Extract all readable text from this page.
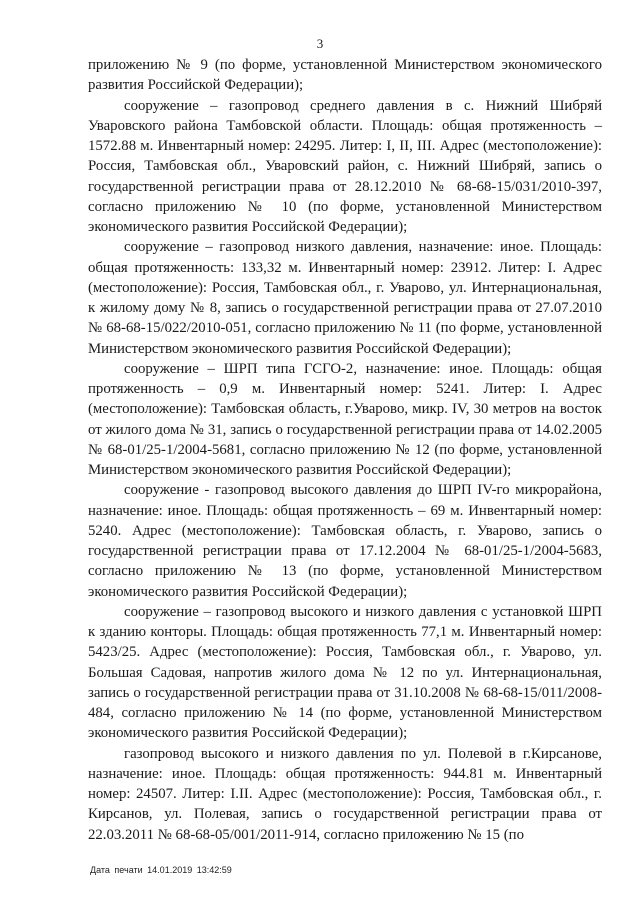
3

приложению № 9 (по форме, установленной Министерством экономического развития Российской Федерации);

сооружение – газопровод среднего давления в с. Нижний Шибряй Уваровского района Тамбовской области. Площадь: общая протяженность – 1572.88 м. Инвентарный номер: 24295. Литер: I, II, III. Адрес (местоположение): Россия, Тамбовская обл., Уваровский район, с. Нижний Шибряй, запись о государственной регистрации права от 28.12.2010 № 68-68-15/031/2010-397, согласно приложению № 10 (по форме, установленной Министерством экономического развития Российской Федерации);

сооружение – газопровод низкого давления, назначение: иное. Площадь: общая протяженность: 133,32 м. Инвентарный номер: 23912. Литер: I. Адрес (местоположение): Россия, Тамбовская обл., г. Уварово, ул. Интернациональная, к жилому дому № 8, запись о государственной регистрации права от 27.07.2010 № 68-68-15/022/2010-051, согласно приложению № 11 (по форме, установленной Министерством экономического развития Российской Федерации);

сооружение – ШРП типа ГСГО-2, назначение: иное. Площадь: общая протяженность – 0,9 м. Инвентарный номер: 5241. Литер: I. Адрес (местоположение): Тамбовская область, г.Уварово, микр. IV, 30 метров на восток от жилого дома № 31, запись о государственной регистрации права от 14.02.2005 № 68-01/25-1/2004-5681, согласно приложению № 12 (по форме, установленной Министерством экономического развития Российской Федерации);

сооружение - газопровод высокого давления до ШРП IV-го микрорайона, назначение: иное. Площадь: общая протяженность – 69 м. Инвентарный номер: 5240. Адрес (местоположение): Тамбовская область, г. Уварово, запись о государственной регистрации права от 17.12.2004 № 68-01/25-1/2004-5683, согласно приложению № 13 (по форме, установленной Министерством экономического развития Российской Федерации);

сооружение – газопровод высокого и низкого давления с установкой ШРП к зданию конторы. Площадь: общая протяженность 77,1 м. Инвентарный номер: 5423/25. Адрес (местоположение): Россия, Тамбовская обл., г. Уварово, ул. Большая Садовая, напротив жилого дома № 12 по ул. Интернациональная, запись о государственной регистрации права от 31.10.2008 № 68-68-15/011/2008-484, согласно приложению № 14 (по форме, установленной Министерством экономического развития Российской Федерации);

газопровод высокого и низкого давления по ул. Полевой в г.Кирсанове, назначение: иное. Площадь: общая протяженность: 944.81 м. Инвентарный номер: 24507. Литер: I.II. Адрес (местоположение): Россия, Тамбовская обл., г. Кирсанов, ул. Полевая, запись о государственной регистрации права от 22.03.2011 № 68-68-05/001/2011-914, согласно приложению № 15 (по

Дата печати 14.01.2019 13:42:59
